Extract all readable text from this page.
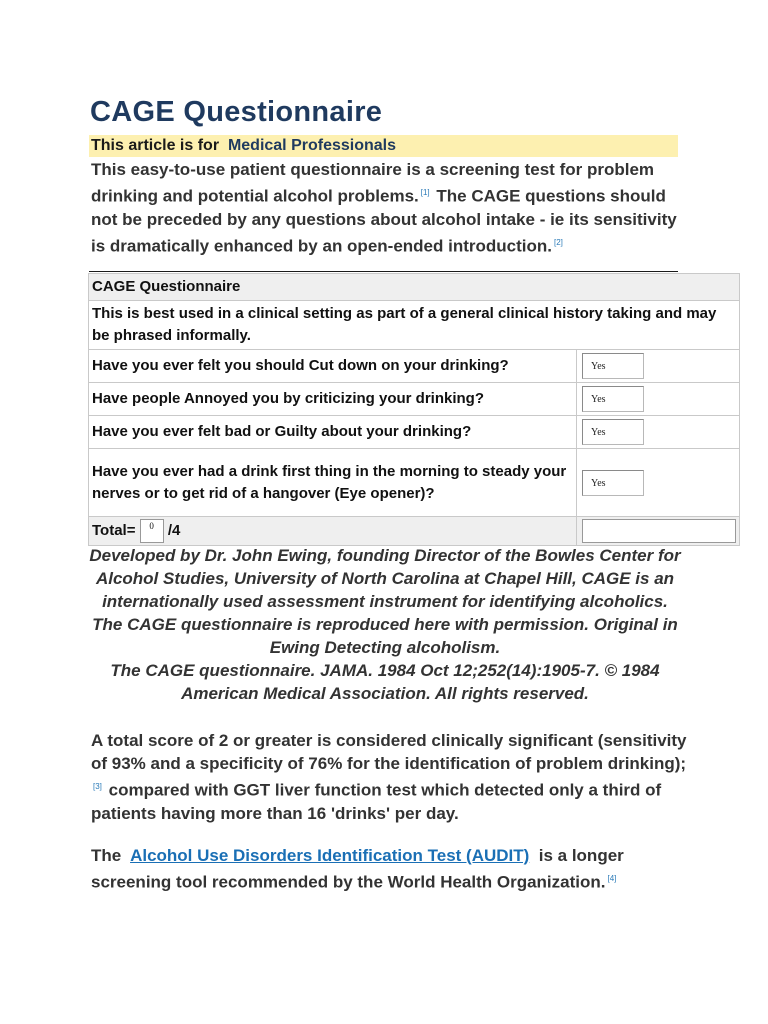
CAGE Questionnaire
This article is for Medical Professionals

This easy-to-use patient questionnaire is a screening test for problem drinking and potential alcohol problems. [1] The CAGE questions should not be preceded by any questions about alcohol intake - ie its sensitivity is dramatically enhanced by an open-ended introduction. [2]

CAGE Questionnaire	
This is best used in a clinical setting as part of a general clinical history taking and may be phrased informally.	
Have you ever felt you should Cut down on your drinking?	Yes
Have people Annoyed you by criticizing your drinking?	Yes
Have you ever felt bad or Guilty about your drinking?	Yes
Have you ever had a drink first thing in the morning to steady your nerves or to get rid of a hangover (Eye opener)?	Yes
Total= 0 /4	

Developed by Dr. John Ewing, founding Director of the Bowles Center for Alcohol Studies, University of North Carolina at Chapel Hill, CAGE is an internationally used assessment instrument for identifying alcoholics. The CAGE questionnaire is reproduced here with permission. Original in Ewing Detecting alcoholism.
The CAGE questionnaire. JAMA. 1984 Oct 12;252(14):1905-7. © 1984 American Medical Association. All rights reserved.

A total score of 2 or greater is considered clinically significant (sensitivity of 93% and a specificity of 76% for the identification of problem drinking);[3] compared with GGT liver function test which detected only a third of patients having more than 16 'drinks' per day.

The Alcohol Use Disorders Identification Test (AUDIT) is a longer screening tool recommended by the World Health Organization. [4]
